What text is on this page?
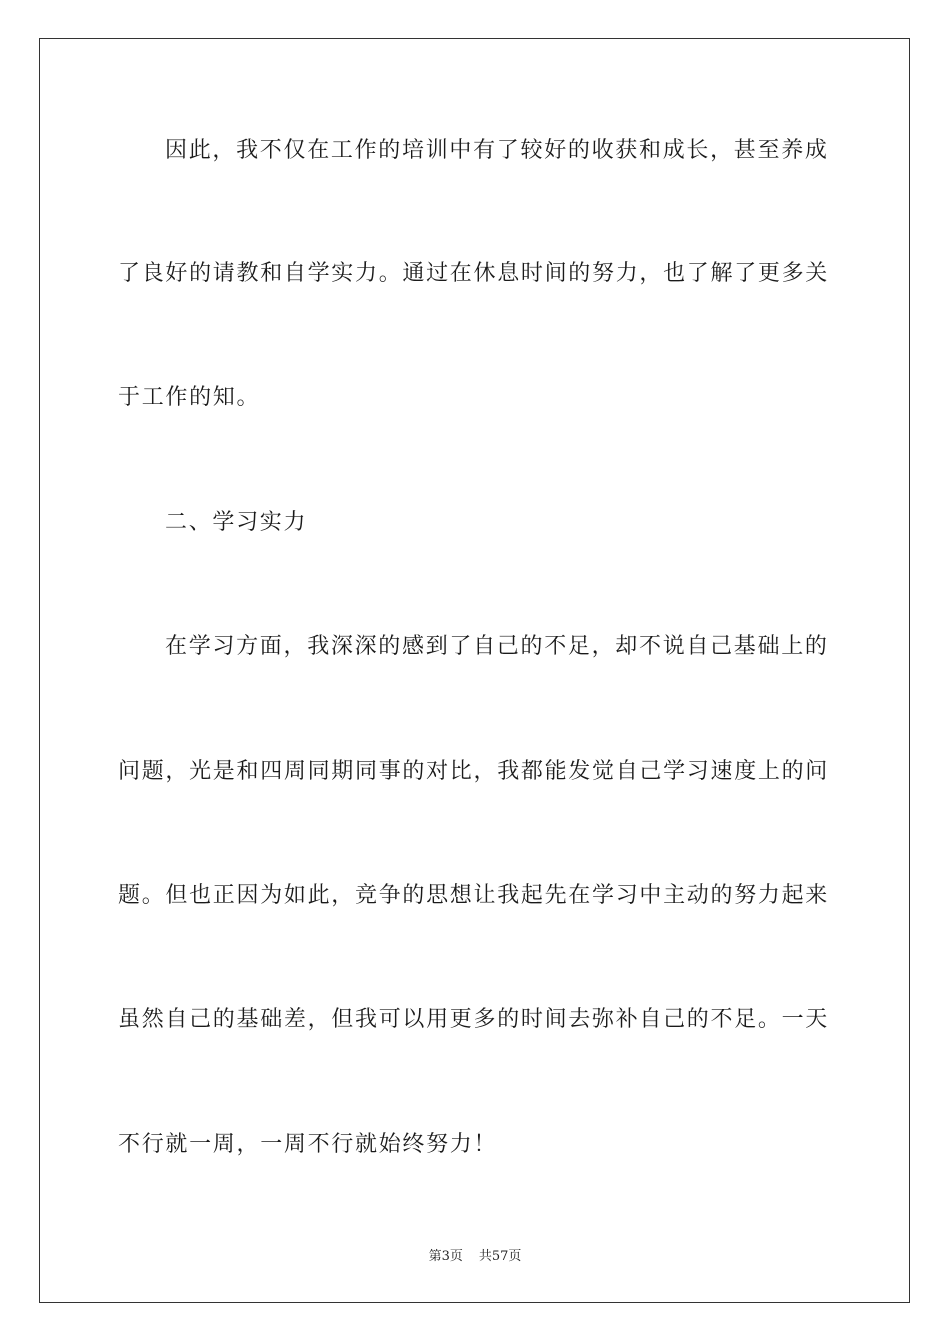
因此，我不仅在工作的培训中有了较好的收获和成长，甚至养成
了良好的请教和自学实力。通过在休息时间的努力，也了解了更多关
于工作的知。
二、学习实力
在学习方面，我深深的感到了自己的不足，却不说自己基础上的
问题，光是和四周同期同事的对比，我都能发觉自己学习速度上的问
题。但也正因为如此，竞争的思想让我起先在学习中主动的努力起来
虽然自己的基础差，但我可以用更多的时间去弥补自己的不足。一天
不行就一周，一周不行就始终努力！
第3页 共57页
